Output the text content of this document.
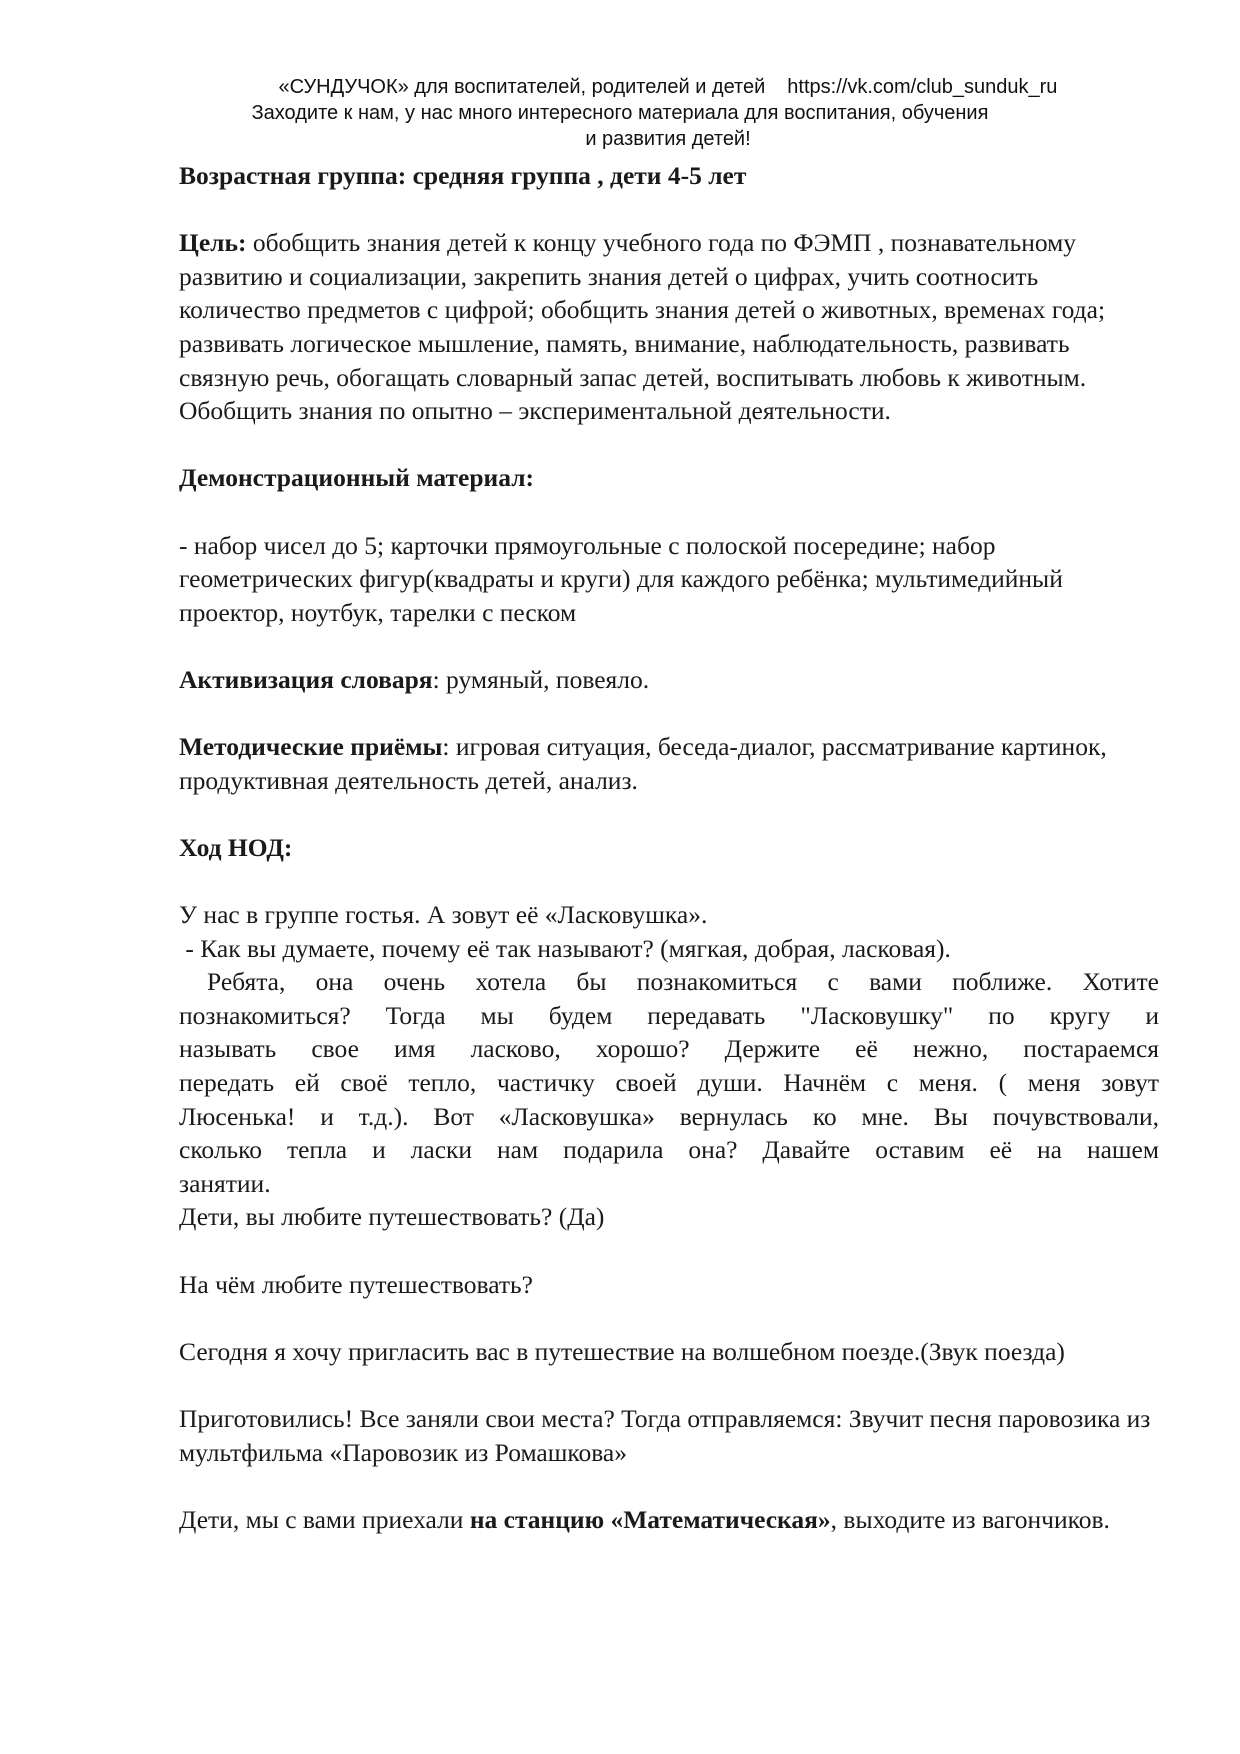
«СУНДУЧОК» для воспитателей, родителей и детей https://vk.com/club_sunduk_ru
Заходите к нам, у нас много интересного материала для воспитания, обучения
и развития детей!

Возрастная группа: средняя группа , дети 4-5 лет

Цель: обобщить знания детей к концу учебного года по ФЭМП , познавательному развитию и социализации, закрепить знания детей о цифрах, учить соотносить количество предметов с цифрой; обобщить знания детей о животных, временах года; развивать логическое мышление, память, внимание, наблюдательность, развивать связную речь, обогащать словарный запас детей, воспитывать любовь к животным. Обобщить знания по опытно – экспериментальной деятельности.

Демонстрационный материал:

- набор чисел до 5; карточки прямоугольные с полоской посередине; набор геометрических фигур(квадраты и круги) для каждого ребёнка; мультимедийный проектор, ноутбук, тарелки с песком

Активизация словаря: румяный, повеяло.

Методические приёмы: игровая ситуация, беседа-диалог, рассматривание картинок, продуктивная деятельность детей, анализ.

Ход НОД:

У нас в группе гостья. А зовут её «Ласковушка».

- Как вы думаете, почему её так называют? (мягкая, добрая, ласковая).

Ребята, она очень хотела бы познакомиться с вами поближе. Хотите
познакомиться? Тогда мы будем передавать "Ласковушку" по кругу и
называть свое имя ласково, хорошо? Держите её нежно, постараемся
передать ей своё тепло, частичку своей души. Начнём с меня. ( меня зовут
Люсенька! и т.д.). Вот «Ласковушка» вернулась ко мне. Вы почувствовали,
сколько тепла и ласки нам подарила она? Давайте оставим её на нашем
занятии.

Дети, вы любите путешествовать? (Да)

На чём любите путешествовать?

Сегодня я хочу пригласить вас в путешествие на волшебном поезде.(Звук поезда)

Приготовились! Все заняли свои места? Тогда отправляемся: Звучит песня паровозика из мультфильма «Паровозик из Ромашкова»

Дети, мы с вами приехали на станцию «Математическая», выходите из вагончиков.
